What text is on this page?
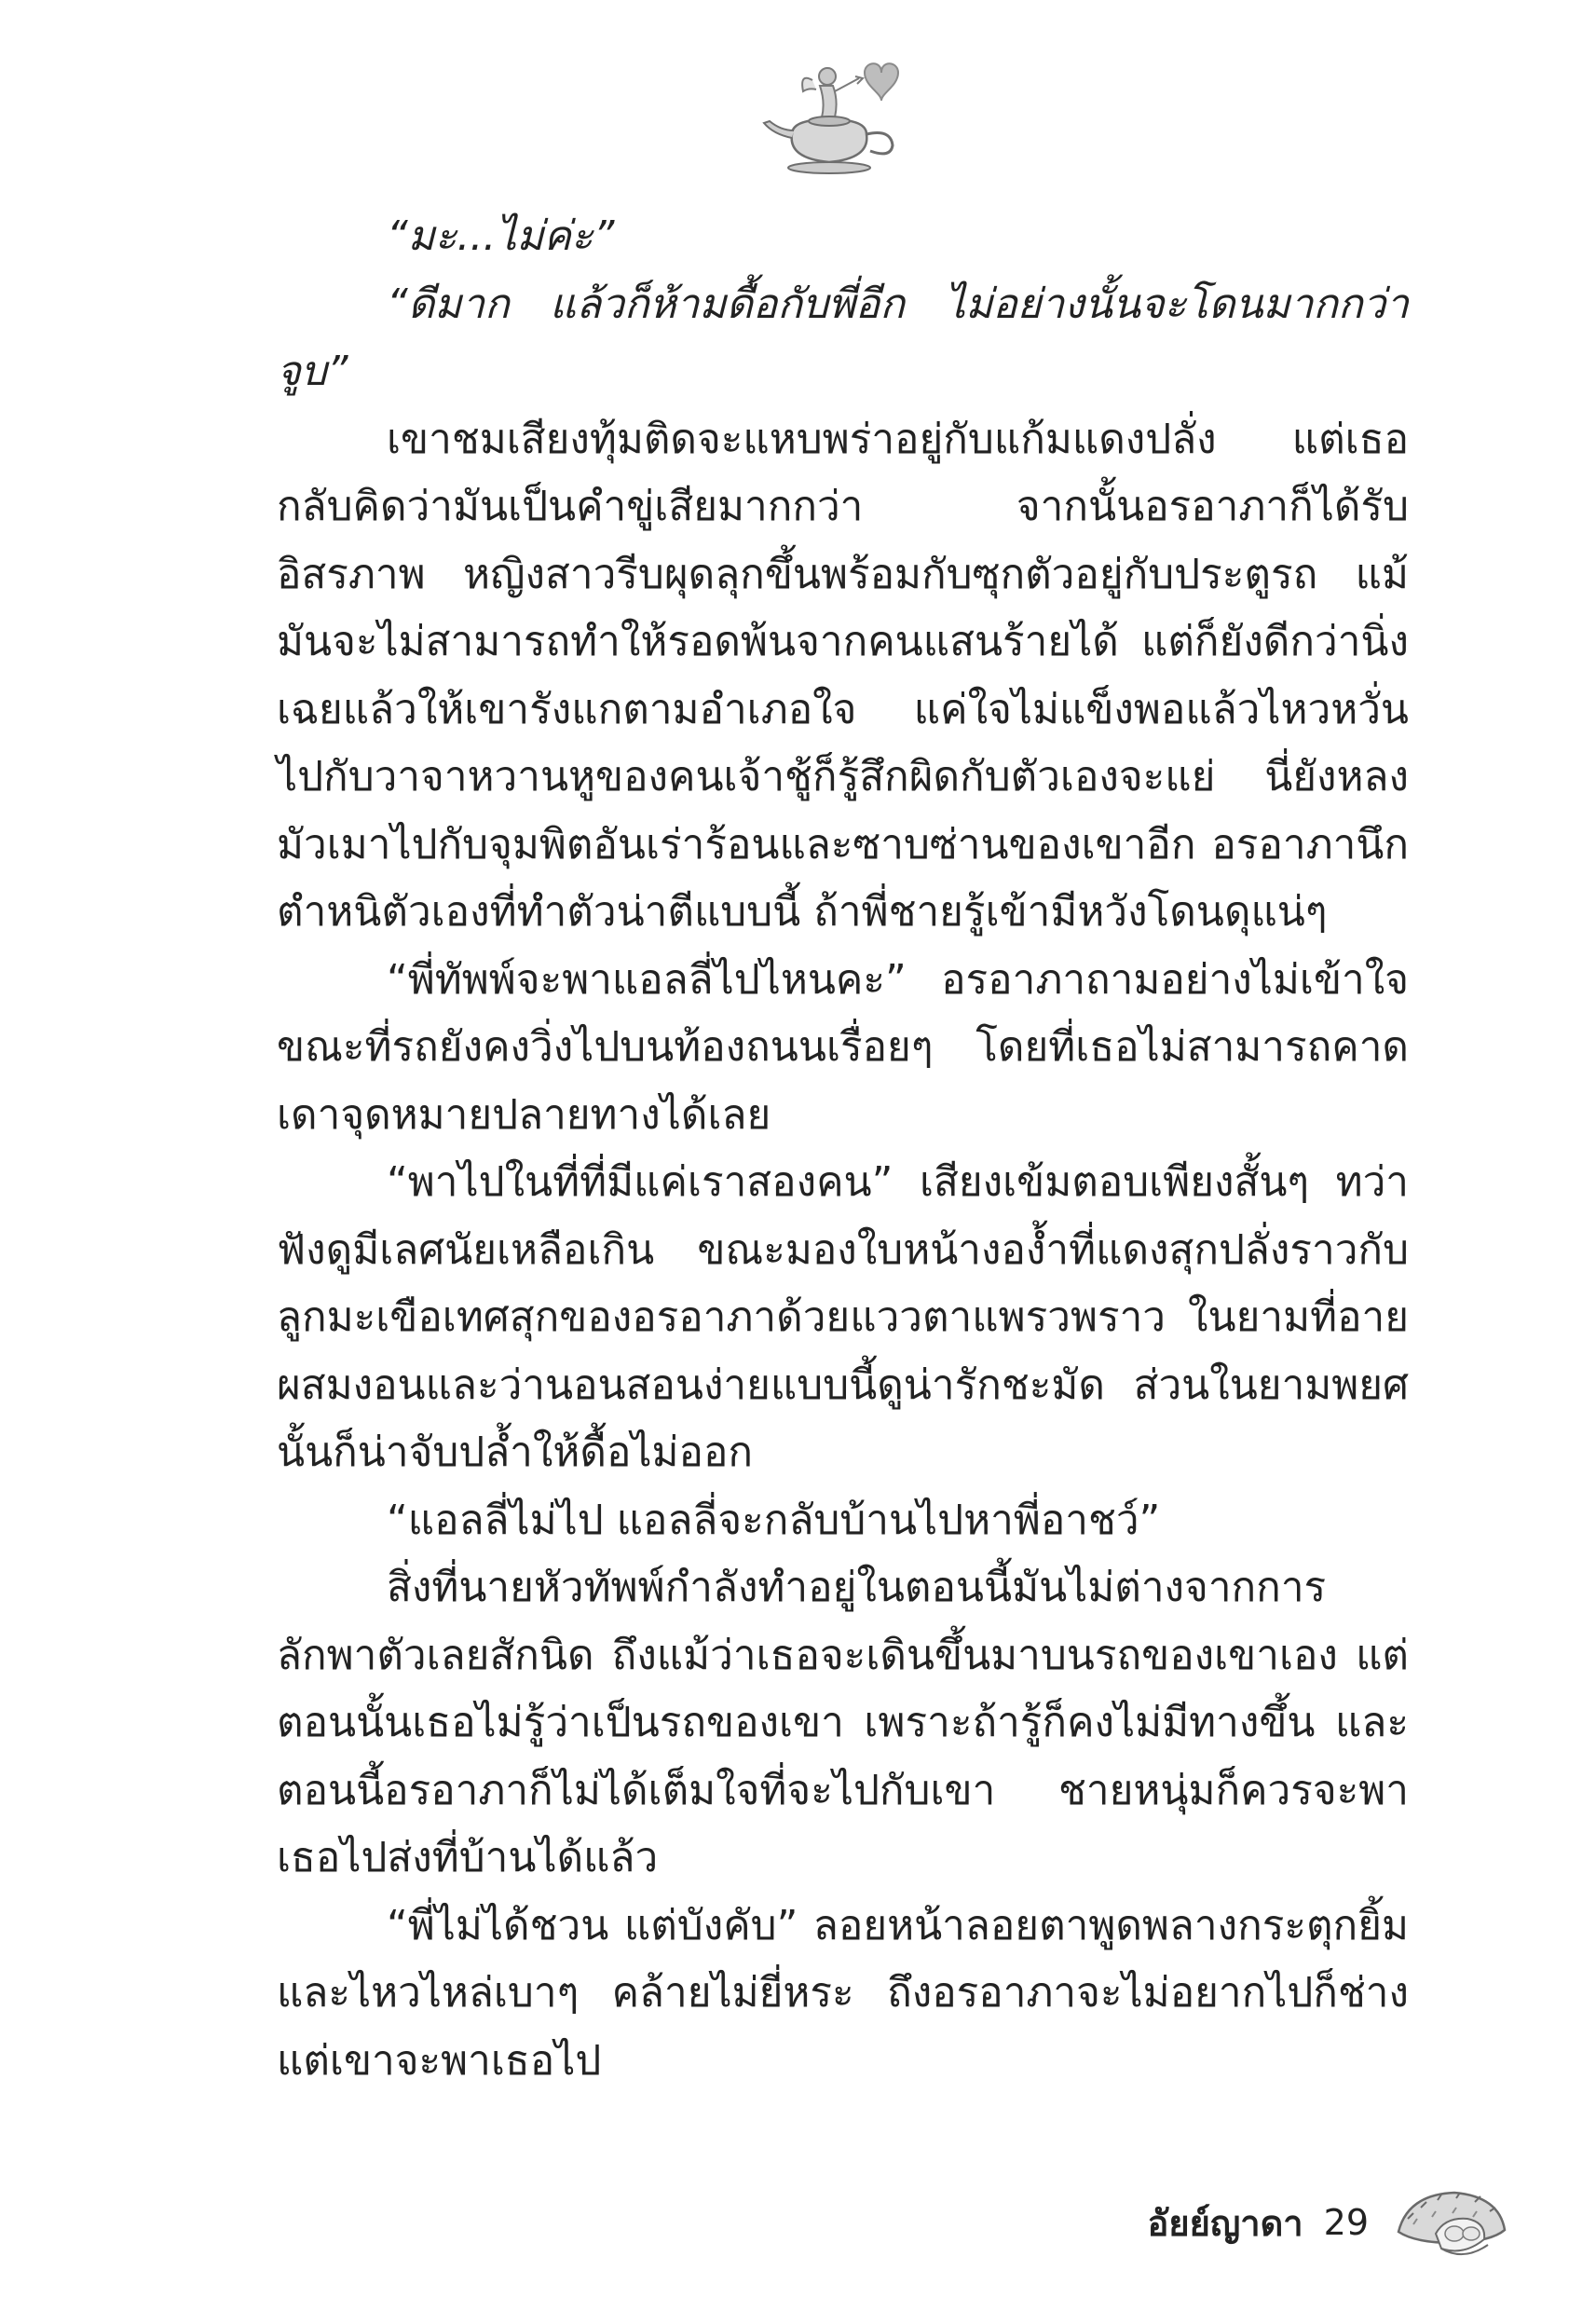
“มะ...ไม่ค่ะ”

“ดีมาก แล้วก็ห้ามดื้อกับพี่อีก ไม่อย่างนั้นจะโดนมากกว่าจูบ”

เขาชมเสียงทุ้มติดจะแหบพร่าอยู่กับแก้มแดงปลั่ง แต่เธอกลับคิดว่ามันเป็นคำขู่เสียมากกว่า จากนั้นอรอาภาก็ได้รับอิสรภาพ หญิงสาวรีบผุดลุกขึ้นพร้อมกับซุกตัวอยู่กับประตูรถ แม้มันจะไม่สามารถทำให้รอดพ้นจากคนแสนร้ายได้ แต่ก็ยังดีกว่านิ่งเฉยแล้วให้เขารังแกตามอำเภอใจ แค่ใจไม่แข็งพอแล้วไหวหวั่นไปกับวาจาหวานหูของคนเจ้าชู้ก็รู้สึกผิดกับตัวเองจะแย่ นี่ยังหลงมัวเมาไปกับจุมพิตอันเร่าร้อนและซาบซ่านของเขาอีก อรอาภานึกตำหนิตัวเองที่ทำตัวน่าตีแบบนี้ ถ้าพี่ชายรู้เข้ามีหวังโดนดุแน่ๆ

“พี่ทัพพ์จะพาแอลลี่ไปไหนคะ” อรอาภาถามอย่างไม่เข้าใจขณะที่รถยังคงวิ่งไปบนท้องถนนเรื่อยๆ โดยที่เธอไม่สามารถคาดเดาจุดหมายปลายทางได้เลย

“พาไปในที่ที่มีแค่เราสองคน” เสียงเข้มตอบเพียงสั้นๆ ทว่าฟังดูมีเลศนัยเหลือเกิน ขณะมองใบหน้างองํ้าที่แดงสุกปลั่งราวกับลูกมะเขือเทศสุกของอรอาภาด้วยแววตาแพรวพราว ในยามที่อายผสมงอนและว่านอนสอนง่ายแบบนี้ดูน่ารักชะมัด ส่วนในยามพยศนั้นก็น่าจับปลํ้าให้ดื้อไม่ออก

“แอลลี่ไม่ไป แอลลี่จะกลับบ้านไปหาพี่อาชว์”

สิ่งที่นายหัวทัพพ์กำลังทำอยู่ในตอนนี้มันไม่ต่างจากการลักพาตัวเลยสักนิด ถึงแม้ว่าเธอจะเดินขึ้นมาบนรถของเขาเอง แต่ตอนนั้นเธอไม่รู้ว่าเป็นรถของเขา เพราะถ้ารู้ก็คงไม่มีทางขึ้น และตอนนี้อรอาภาก็ไม่ได้เต็มใจที่จะไปกับเขา ชายหนุ่มก็ควรจะพาเธอไปส่งที่บ้านได้แล้ว

“พี่ไม่ได้ชวน แต่บังคับ” ลอยหน้าลอยตาพูดพลางกระตุกยิ้มและไหวไหล่เบาๆ คล้ายไม่ยี่หระ ถึงอรอาภาจะไม่อยากไปก็ช่าง แต่เขาจะพาเธอไป

อัยย์ญาดา 29
